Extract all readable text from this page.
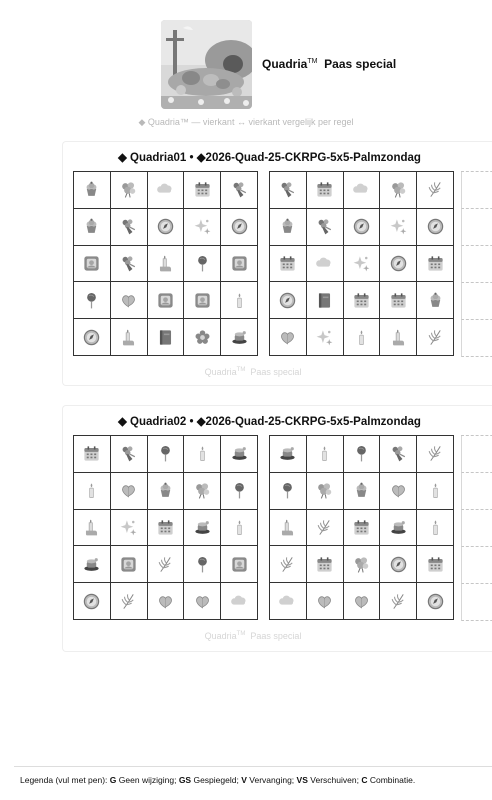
Quadria™ Paas special
◆ Quadria™ — vierkant ↔ vierkant vergelijk per regel
◆ Quadria01 • ◆2026-Quad-25-CKRPG-5x5-Palmzondag
Quadria™ Paas special
◆ Quadria02 • ◆2026-Quad-25-CKRPG-5x5-Palmzondag
Quadria™ Paas special
Legenda (vul met pen): G Geen wijziging; GS Gespiegeld; V Vervanging; VS Verschuiven; C Combinatie.
